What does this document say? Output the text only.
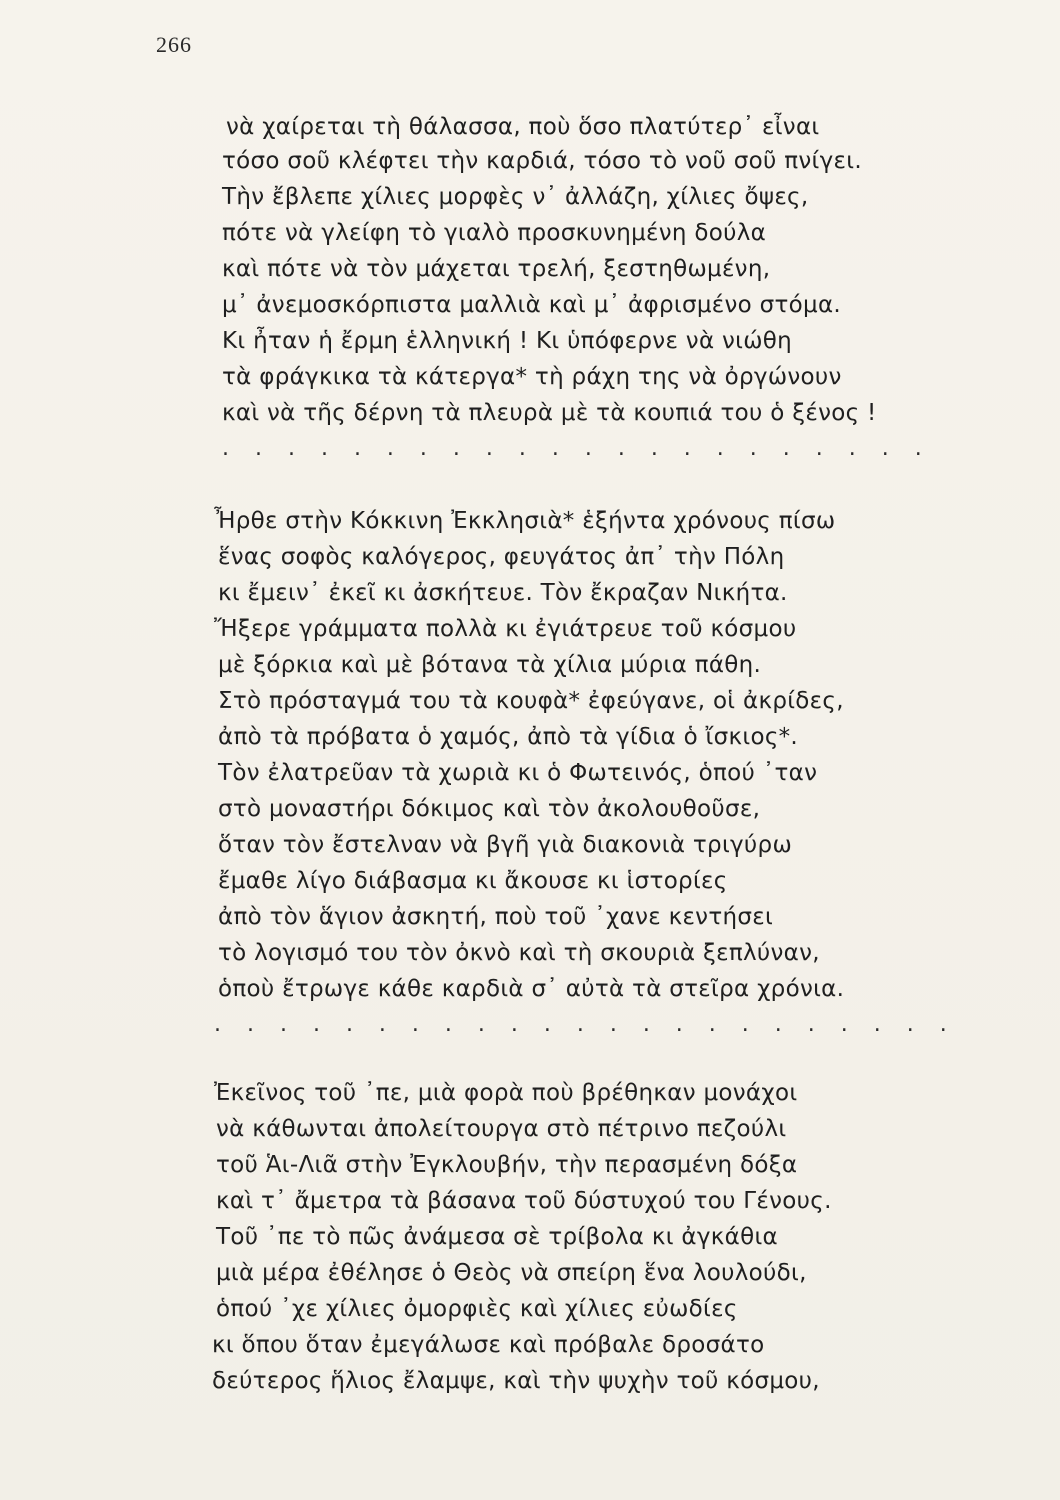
266
νὰ χαίρεται τὴ θάλασσα, ποὺ ὅσο πλατύτερ᾽ εἶναι
τόσο σοῦ κλέφτει τὴν καρδιά, τόσο τὸ νοῦ σοῦ πνίγει.
Τὴν ἔβλεπε χίλιες μορφὲς ν᾽ ἀλλάζη, χίλιες ὄψες,
πότε νὰ γλείφη τὸ γιαλὸ προσκυνημένη δούλα
καὶ πότε νὰ τὸν μάχεται τρελή, ξεστηθωμένη,
μ᾽ ἀνεμοσκόρπιστα μαλλιὰ καὶ μ᾽ ἀφρισμένο στόμα.
Κι ἦταν ἡ ἔρμη ἑλληνική ! Κι ὑπόφερνε νὰ νιώθη
τὰ φράγκικα τὰ κάτεργα* τὴ ράχη της νὰ ὀργώνουν
καὶ νὰ τῆς δέρνη τὰ πλευρὰ μὲ τὰ κουπιά του ὁ ξένος !
. . . . . . . . . . . . . . . . . . . . . .
Ἦρθε στὴν Κόκκινη Ἐκκλησιὰ* ἑξήντα χρόνους πίσω
ἕνας σοφὸς καλόγερος, φευγάτος ἀπ᾽ τὴν Πόλη
κι ἔμειν᾽ ἐκεῖ κι ἀσκήτευε. Τὸν ἔκραζαν Νικήτα.
Ἤξερε γράμματα πολλὰ κι ἐγιάτρευε τοῦ κόσμου
μὲ ξόρκια καὶ μὲ βότανα τὰ χίλια μύρια πάθη.
Στὸ πρόσταγμά του τὰ κουφὰ* ἐφεύγανε, οἱ ἀκρίδες,
ἀπὸ τὰ πρόβατα ὁ χαμός, ἀπὸ τὰ γίδια ὁ ἴσκιος*.
Τὸν ἐλατρεῦαν τὰ χωριὰ κι ὁ Φωτεινός, ὁπού ᾽ταν
στὸ μοναστήρι δόκιμος καὶ τὸν ἀκολουθοῦσε,
ὅταν τὸν ἔστελναν νὰ βγῆ γιὰ διακονιὰ τριγύρω
ἔμαθε λίγο διάβασμα κι ἄκουσε κι ἱστορίες
ἀπὸ τὸν ἅγιον ἀσκητή, ποὺ τοῦ ᾽χανε κεντήσει
τὸ λογισμό του τὸν ὀκνὸ καὶ τὴ σκουριὰ ξεπλύναν,
ὁποὺ ἔτρωγε κάθε καρδιὰ σ᾽ αὐτὰ τὰ στεῖρα χρόνια.
. . . . . . . . . . . . . . . . . . . . . . .
Ἐκεῖνος τοῦ ᾽πε, μιὰ φορὰ ποὺ βρέθηκαν μονάχοι
νὰ κάθωνται ἀπολείτουργα στὸ πέτρινο πεζούλι
τοῦ Ἁι-Λιᾶ στὴν Ἐγκλουβήν, τὴν περασμένη δόξα
καὶ τ᾽ ἄμετρα τὰ βάσανα τοῦ δύστυχού του Γένους.
Τοῦ ᾽πε τὸ πῶς ἀνάμεσα σὲ τρίβολα κι ἀγκάθια
μιὰ μέρα ἐθέλησε ὁ Θεὸς νὰ σπείρη ἕνα λουλούδι,
ὁπού ᾽χε χίλιες ὀμορφιὲς καὶ χίλιες εὐωδίες
κι ὅπου ὅταν ἐμεγάλωσε καὶ πρόβαλε δροσάτο
δεύτερος ἥλιος ἔλαμψε, καὶ τὴν ψυχὴν τοῦ κόσμου,
